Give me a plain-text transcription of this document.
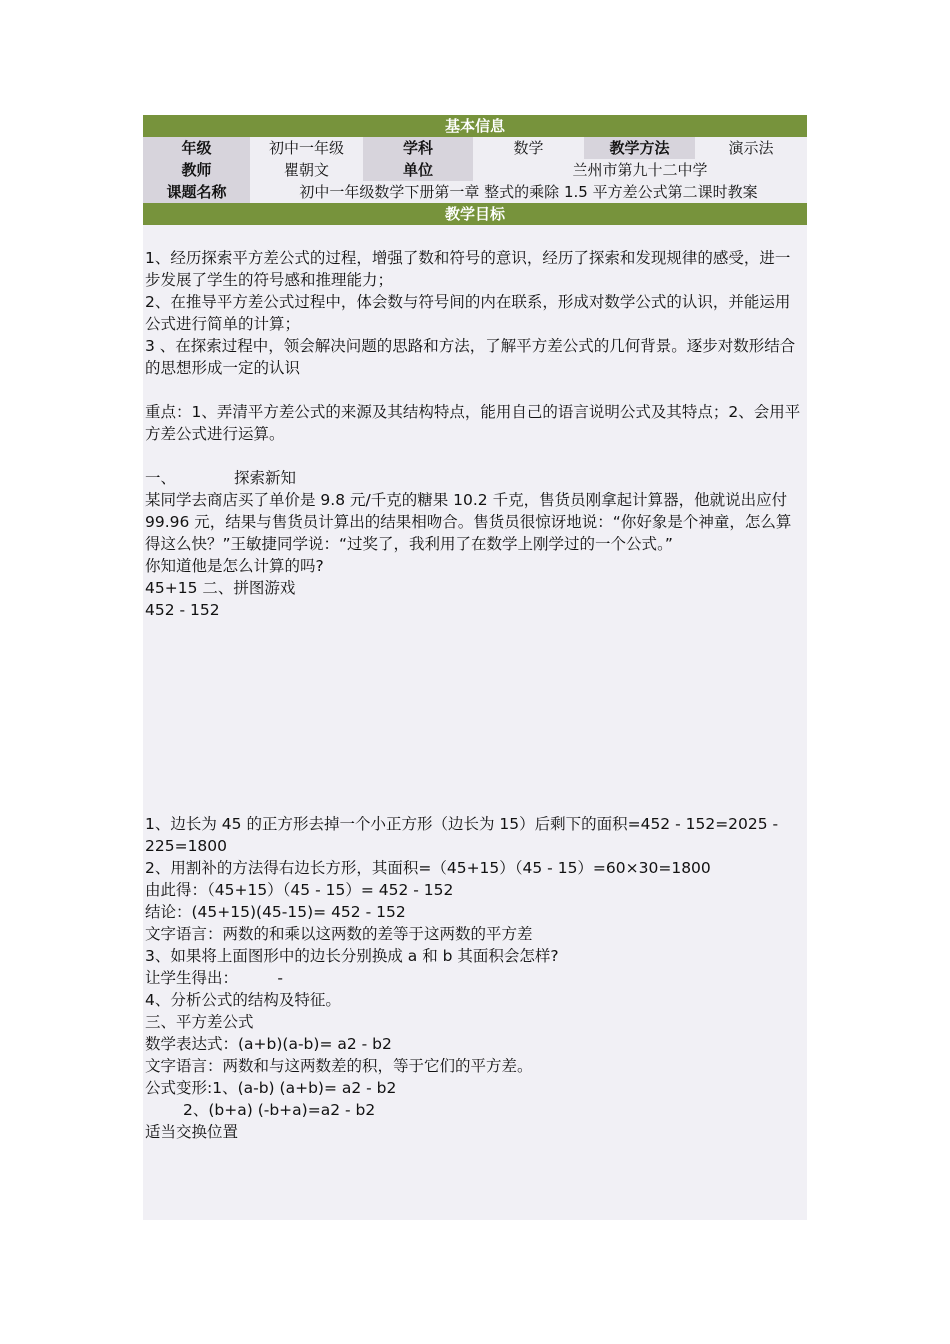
基本信息
年级	初中一年级	学科	数学	教学方法	演示法
教师	瞿朝文	单位	兰州市第九十二中学		
课题名称	初中一年级数学下册第一章 整式的乘除 1.5 平方差公式第二课时教案				
教学目标

1、经历探索平方差公式的过程，增强了数和符号的意识，经历了探索和发现规律的感受，进一步发展了学生的符号感和推理能力；

2、在推导平方差公式过程中，体会数与符号间的内在联系，形成对数学公式的认识，并能运用公式进行简单的计算；

3 、在探索过程中，领会解决问题的思路和方法，了解平方差公式的几何背景。逐步对数形结合的思想形成一定的认识

重点：1、弄清平方差公式的来源及其结构特点，能用自己的语言说明公式及其特点；2、会用平方差公式进行运算。

一、	探索新知

某同学去商店买了单价是 9.8 元/千克的糖果 10.2 千克，售货员刚拿起计算器，他就说出应付 99.96 元，结果与售货员计算出的结果相吻合。售货员很惊讶地说：“你好象是个神童，怎么算得这么快？”王敏捷同学说：“过奖了，我利用了在数学上刚学过的一个公式。”

你知道他是怎么计算的吗?

45+15 二、拼图游戏

452 - 152

1、边长为 45 的正方形去掉一个小正方形（边长为 15）后剩下的面积=452 - 152=2025 - 225=1800

2、用割补的方法得右边长方形，其面积=（45+15）（45 - 15）=60×30=1800

由此得：（45+15）（45 - 15）= 452 - 152

结论：(45+15)(45-15)= 452 - 152

文字语言：两数的和乘以这两数的差等于这两数的平方差

3、如果将上面图形中的边长分别换成 a 和 b 其面积会怎样?

让学生得出：        -

4、分析公式的结构及特征。

三、平方差公式

数学表达式：(a+b)(a-b)= a2 - b2

文字语言：两数和与这两数差的积，等于它们的平方差。

公式变形:1、(a-b) (a+b)= a2 - b2

2、(b+a) (-b+a)=a2 - b2

适当交换位置
